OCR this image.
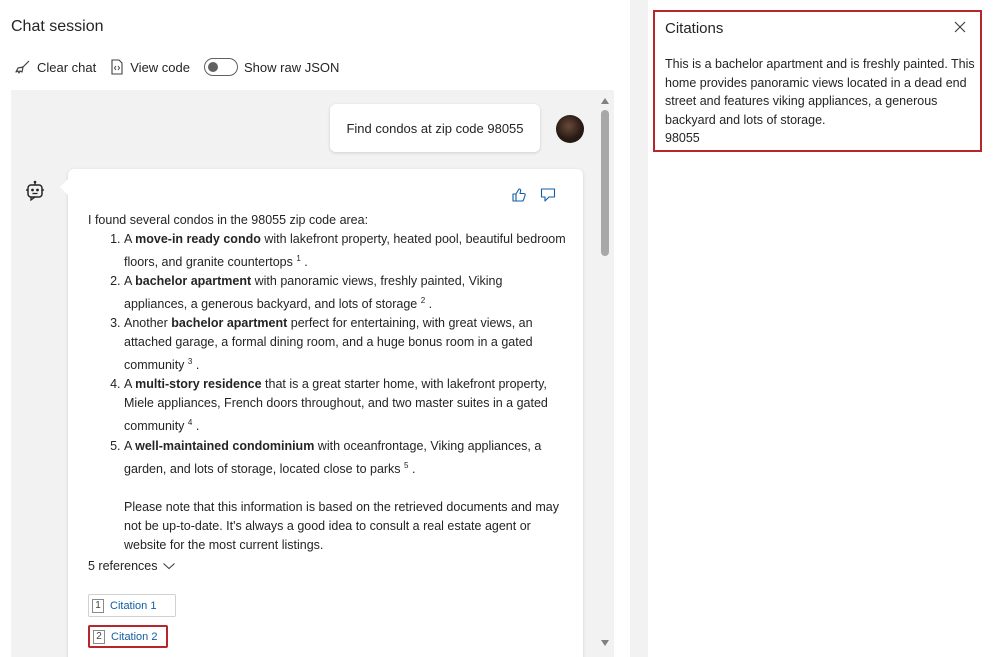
Chat session
Clear chat	View code	Show raw JSON
Find condos at zip code 98055
I found several condos in the 98055 zip code area:
1. A move-in ready condo with lakefront property, heated pool, beautiful bedroom floors, and granite countertops $^1$ .
2. A bachelor apartment with panoramic views, freshly painted, Viking appliances, a generous backyard, and lots of storage $^2$ .
3. Another bachelor apartment perfect for entertaining, with great views, an attached garage, a formal dining room, and a huge bonus room in a gated community $^3$ .
4. A multi-story residence that is a great starter home, with lakefront property, Miele appliances, French doors throughout, and two master suites in a gated community $^4$ .
5. A well-maintained condominium with oceanfrontage, Viking appliances, a garden, and lots of storage, located close to parks $^5$ .
Please note that this information is based on the retrieved documents and may not be up-to-date. It's always a good idea to consult a real estate agent or website for the most current listings.
5 references
1 Citation 1
2 Citation 2
Citations
This is a bachelor apartment and is freshly painted. This home provides panoramic views located in a dead end street and features viking appliances, a generous backyard and lots of storage.
98055
